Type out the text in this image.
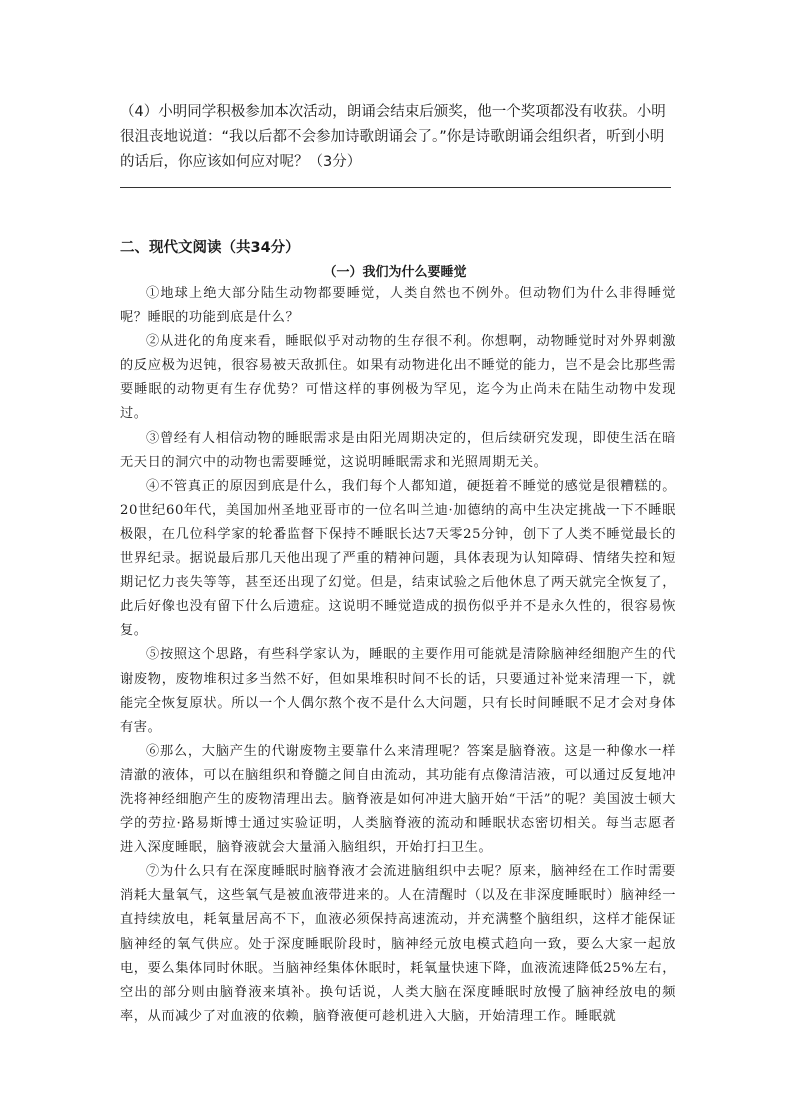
（4）小明同学积极参加本次活动，朗诵会结束后颁奖，他一个奖项都没有收获。小明很沮丧地说道：“我以后都不会参加诗歌朗诵会了。”你是诗歌朗诵会组织者，听到小明的话后，你应该如何应对呢？（3分）
二、现代文阅读（共34分）
（一）我们为什么要睡觉

①地球上绝大部分陆生动物都要睡觉，人类自然也不例外。但动物们为什么非得睡觉呢？睡眠的功能到底是什么？

②从进化的角度来看，睡眠似乎对动物的生存很不利。你想啊，动物睡觉时对外界刺激的反应极为迟钝，很容易被天敌抓住。如果有动物进化出不睡觉的能力，岂不是会比那些需要睡眠的动物更有生存优势？可惜这样的事例极为罕见，迄今为止尚未在陆生动物中发现过。

③曾经有人相信动物的睡眠需求是由阳光周期决定的，但后续研究发现，即使生活在暗无天日的洞穴中的动物也需要睡觉，这说明睡眠需求和光照周期无关。

④不管真正的原因到底是什么，我们每个人都知道，硬挺着不睡觉的感觉是很糟糕的。20世纪60年代，美国加州圣地亚哥市的一位名叫兰迪·加德纳的高中生决定挑战一下不睡眠极限，在几位科学家的轮番监督下保持不睡眠长达7天零25分钟，创下了人类不睡觉最长的世界纪录。据说最后那几天他出现了严重的精神问题，具体表现为认知障碍、情绪失控和短期记忆力丧失等等，甚至还出现了幻觉。但是，结束试验之后他休息了两天就完全恢复了，此后好像也没有留下什么后遗症。这说明不睡觉造成的损伤似乎并不是永久性的，很容易恢复。

⑤按照这个思路，有些科学家认为，睡眠的主要作用可能就是清除脑神经细胞产生的代谢废物，废物堆积过多当然不好，但如果堆积时间不长的话，只要通过补觉来清理一下，就能完全恢复原状。所以一个人偶尔熬个夜不是什么大问题，只有长时间睡眠不足才会对身体有害。

⑥那么，大脑产生的代谢废物主要靠什么来清理呢？答案是脑脊液。这是一种像水一样清澈的液体，可以在脑组织和脊髓之间自由流动，其功能有点像清洁液，可以通过反复地冲洗将神经细胞产生的废物清理出去。脑脊液是如何冲进大脑开始“干活”的呢？美国波士顿大学的劳拉·路易斯博士通过实验证明，人类脑脊液的流动和睡眠状态密切相关。每当志愿者进入深度睡眠，脑脊液就会大量涌入脑组织，开始打扫卫生。

⑦为什么只有在深度睡眠时脑脊液才会流进脑组织中去呢？原来，脑神经在工作时需要消耗大量氧气，这些氧气是被血液带进来的。人在清醒时（以及在非深度睡眠时）脑神经一直持续放电，耗氧量居高不下，血液必须保持高速流动，并充满整个脑组织，这样才能保证脑神经的氧气供应。处于深度睡眠阶段时，脑神经元放电模式趋向一致，要么大家一起放电，要么集体同时休眠。当脑神经集体休眠时，耗氧量快速下降，血液流速降低25%左右，空出的部分则由脑脊液来填补。换句话说，人类大脑在深度睡眠时放慢了脑神经放电的频率，从而减少了对血液的依赖，脑脊液便可趁机进入大脑，开始清理工作。睡眠就
